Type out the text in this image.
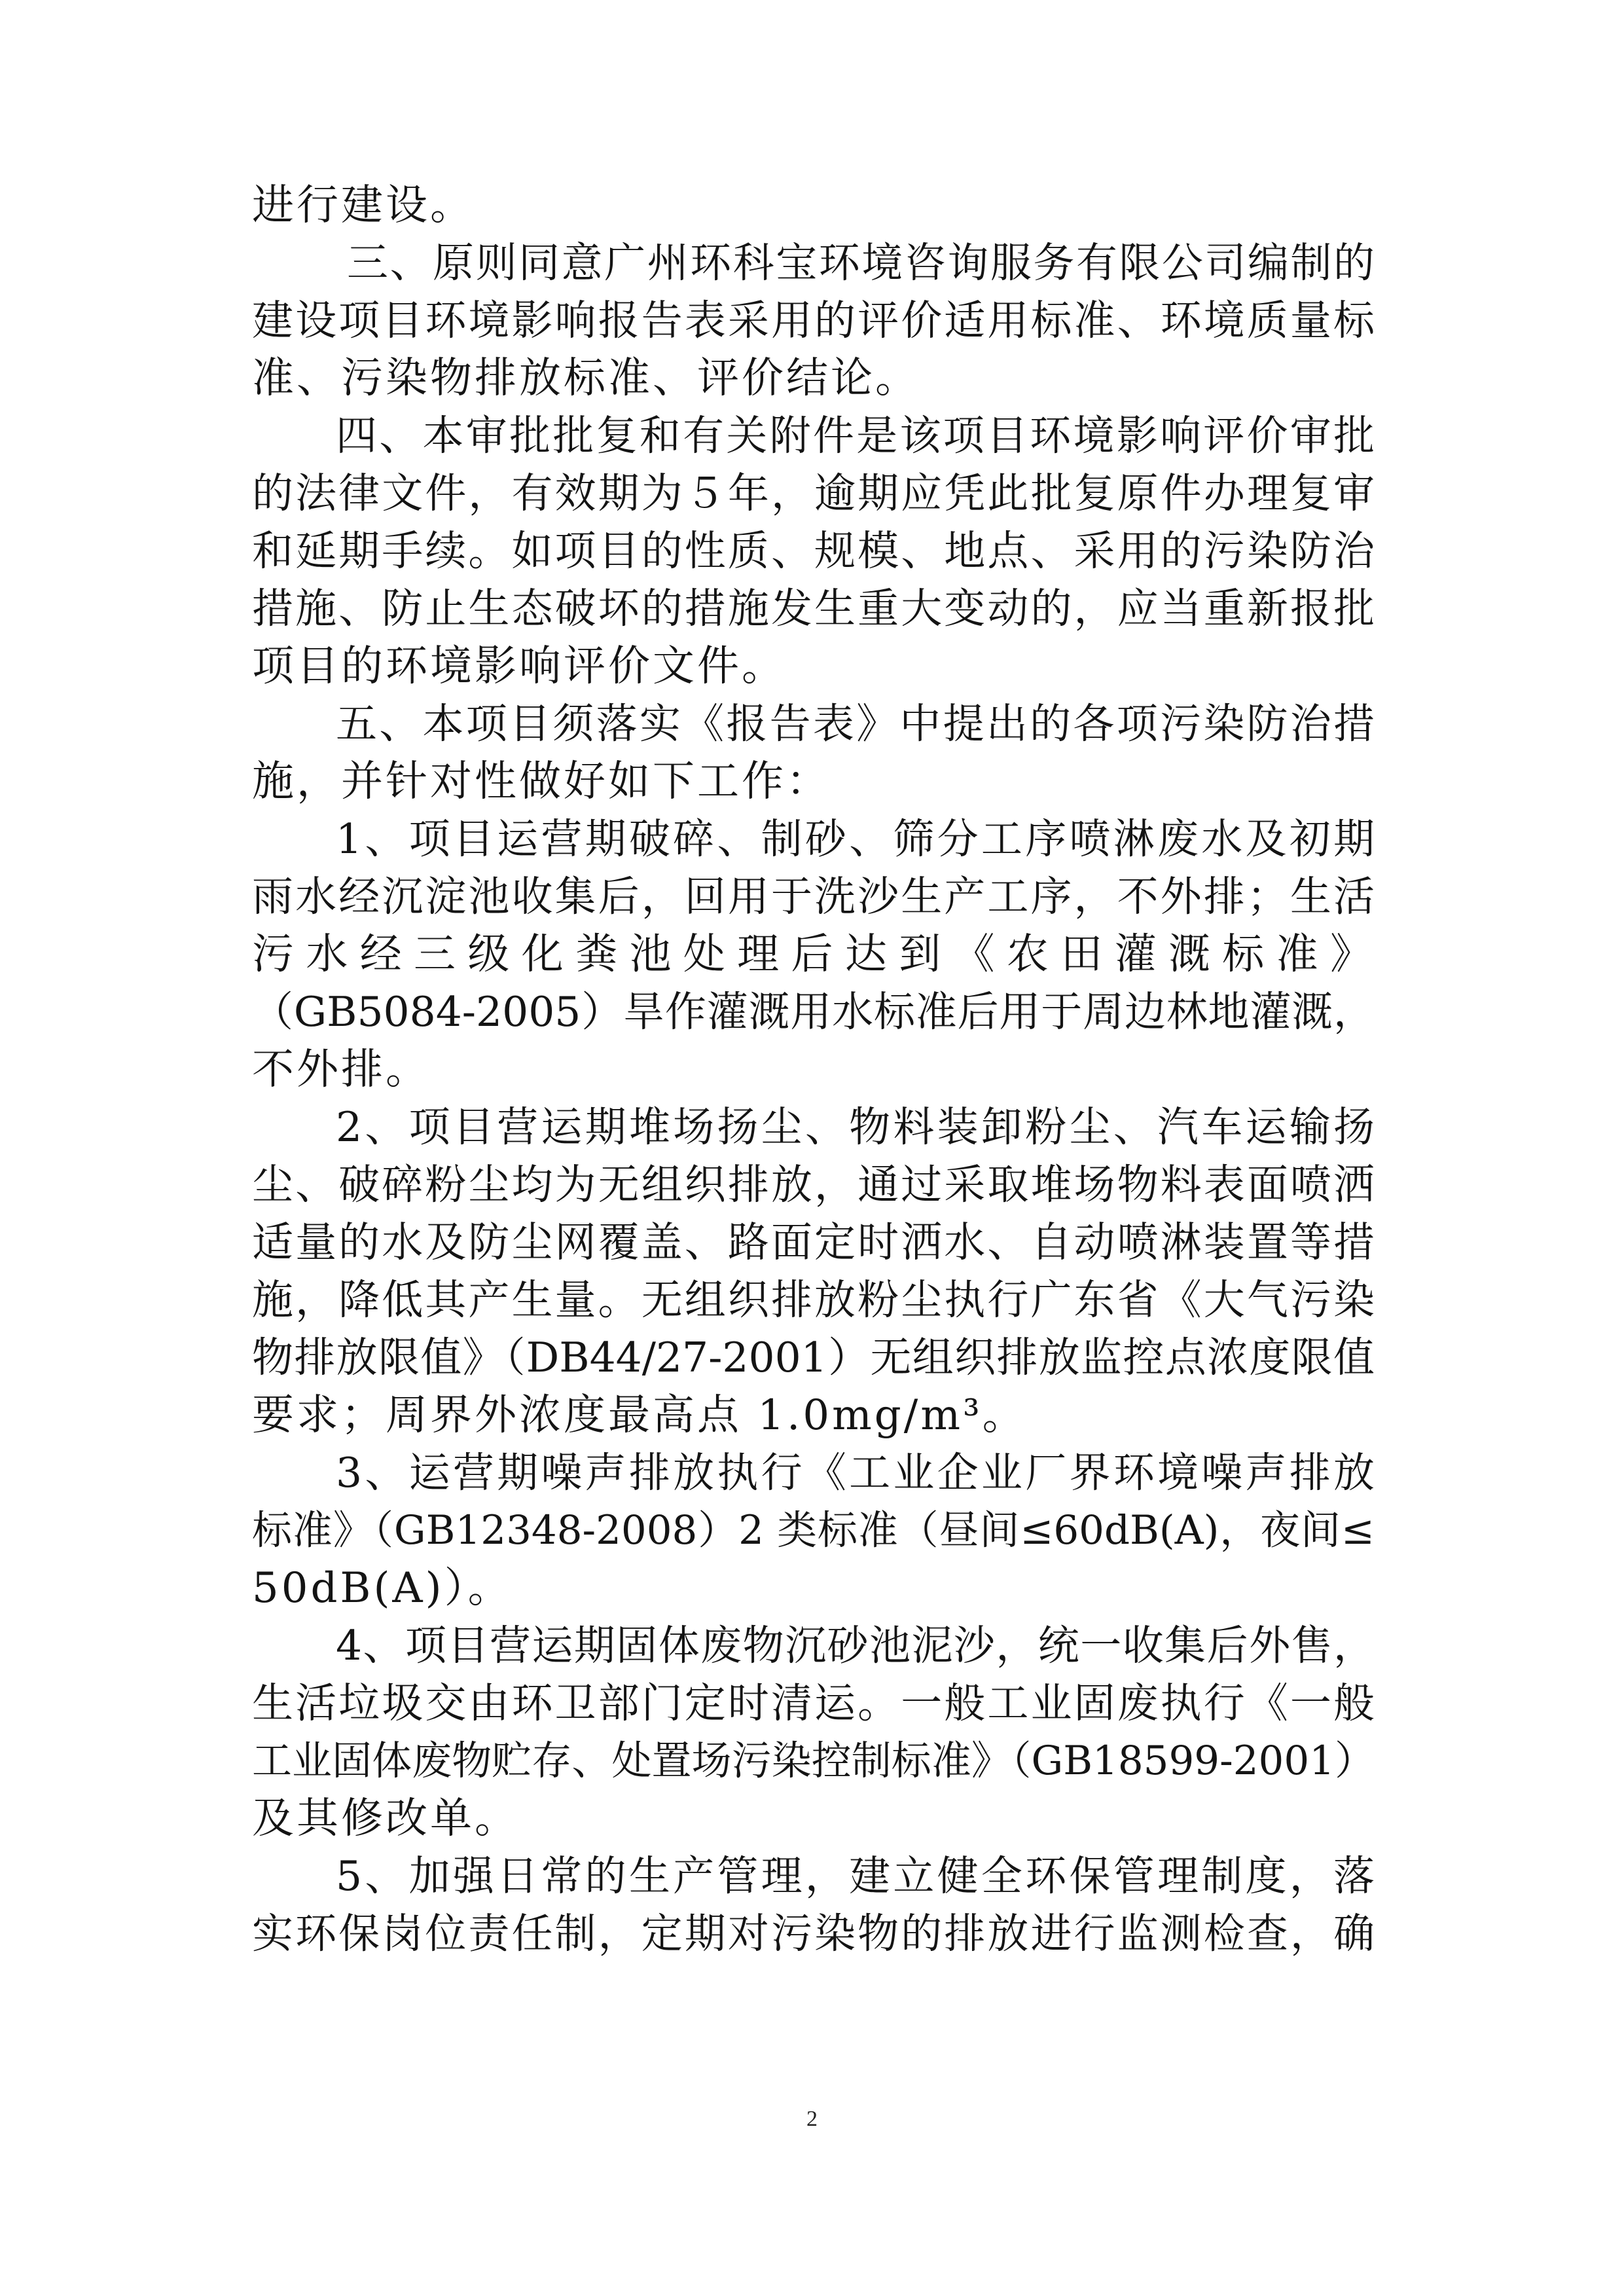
进行建设。
三、原则同意广州环科宝环境咨询服务有限公司编制的
建设项目环境影响报告表采用的评价适用标准、环境质量标
准、污染物排放标准、评价结论。
四、本审批批复和有关附件是该项目环境影响评价审批
的法律文件，有效期为５年，逾期应凭此批复原件办理复审
和延期手续。如项目的性质、规模、地点、采用的污染防治
措施、防止生态破坏的措施发生重大变动的，应当重新报批
项目的环境影响评价文件。
五、本项目须落实《报告表》中提出的各项污染防治措
施，并针对性做好如下工作：
1、项目运营期破碎、制砂、筛分工序喷淋废水及初期
雨水经沉淀池收集后，回用于洗沙生产工序，不外排；生活
污水经三级化粪池处理后达到《农田灌溉标准》
（GB5084-2005）旱作灌溉用水标准后用于周边林地灌溉，
不外排。
2、项目营运期堆场扬尘、物料装卸粉尘、汽车运输扬
尘、破碎粉尘均为无组织排放，通过采取堆场物料表面喷洒
适量的水及防尘网覆盖、路面定时洒水、自动喷淋装置等措
施，降低其产生量。无组织排放粉尘执行广东省《大气污染
物排放限值》（DB44/27-2001）无组织排放监控点浓度限值
要求；周界外浓度最高点 1.0mg/m³。
3、运营期噪声排放执行《工业企业厂界环境噪声排放
标准》（GB12348-2008）2 类标准（昼间≤60dB(A)，夜间≤
50dB(A)）。
4、项目营运期固体废物沉砂池泥沙，统一收集后外售，
生活垃圾交由环卫部门定时清运。一般工业固废执行《一般
工业固体废物贮存、处置场污染控制标准》（GB18599-2001）
及其修改单。
5、加强日常的生产管理，建立健全环保管理制度，落
实环保岗位责任制，定期对污染物的排放进行监测检查，确
2
